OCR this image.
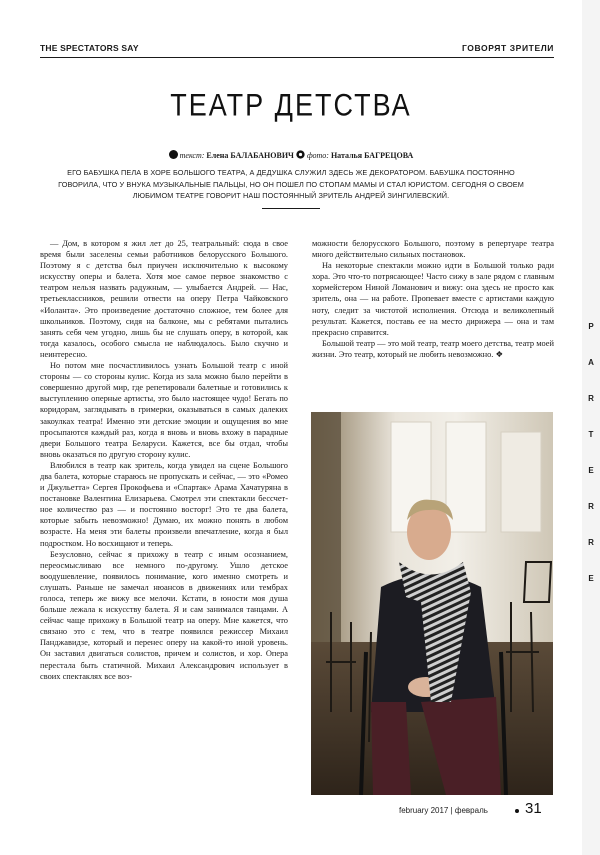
THE SPECTATORS SAY	ГОВОРЯТ ЗРИТЕЛИ
P
A
R
T
E
R
R
E
ТЕАТР ДЕТСТВА
текст: Елена БАЛАБАНОВИЧ фото: Наталья БАГРЕЦОВА
ЕГО БАБУШКА ПЕЛА В ХОРЕ БОЛЬШОГО ТЕАТРА, А ДЕДУШКА СЛУЖИЛ ЗДЕСЬ ЖЕ ДЕКОРАТОРОМ. БАБУШКА ПОСТОЯННО ГОВОРИЛА, ЧТО У ВНУКА МУЗЫКАЛЬНЫЕ ПАЛЬЦЫ, НО ОН ПОШЕЛ ПО СТОПАМ МАМЫ И СТАЛ ЮРИСТОМ. СЕГОДНЯ О СВОЕМ ЛЮБИМОМ ТЕАТРЕ ГОВОРИТ НАШ ПОСТОЯННЫЙ ЗРИТЕЛЬ АНДРЕЙ ЗИНГИЛЕВСКИЙ.

— Дом, в котором я жил лет до 25, театральный: сюда в свое время были заселены семьи работников белорусского Большого. Поэтому я с детства был приучен исключительно к высокому искусству оперы и балета. Хотя мое самое первое знакомство с театром нельзя назвать радужным, — улыбается Андрей. — Нас, третьеклассников, решили отвести на оперу Петра Чайковского «Иоланта». Это произведение достаточно сложное, тем более для школьников. Поэтому, сидя на балконе, мы с ребятами пытались занять себя чем угодно, лишь бы не слушать оперу, в которой, как тогда казалось, особого смысла не наблюдалось. Было скучно и неинтересно.

Но потом мне посчастливилось узнать Большой театр с иной стороны — со стороны кулис. Когда из зала можно было перейти в совершенно другой мир, где репетировали балетные и готовились к выступлению оперные артисты, это было настоящее чудо! Бегать по коридорам, заглядывать в гримерки, оказываться в самых далеких закоулках театра! Именно эти детские эмоции и ощущения во мне просыпаются каждый раз, когда я вновь и вновь вхожу в парадные двери Большого театра Беларуси. Кажется, все бы отдал, чтобы вновь оказаться по другую сторону кулис.

Влюбился в театр как зритель, когда увидел на сцене Большого два балета, которые стараюсь не пропускать и сейчас, — это «Ромео и Джульетта» Сергея Прокофьева и «Спартак» Арама Хачатуряна в постановке Валентина Елизарьева. Смотрел эти спектакли бессчетное количество раз — и постоянно восторг! Это те два балета, которые забыть невозможно! Думаю, их можно понять в любом возрасте. На меня эти балеты произвели впечатление, когда я был подростком. Но восхищают и теперь.

Безусловно, сейчас я прихожу в театр с иным осознанием, переосмысливаю все немного по-другому. Ушло детское воодушевление, появилось понимание, кого именно смотреть и слушать. Раньше не замечал нюансов в движениях или тембрах голоса, теперь же вижу все мелочи. Кстати, в юности моя душа больше лежала к искусству балета. Я и сам занимался танцами. А сейчас чаще прихожу в Большой театр на оперу. Мне кажется, что связано это с тем, что в театре появился режиссер Михаил Панджавидзе, который и перенес оперу на какой-то иной уровень. Он заставил двигаться солистов, причем и солистов, и хор. Опера перестала быть статичной. Михаил Александрович использует в своих спектаклях все воз-

можности белорусского Большого, поэтому в репертуаре театра много действительно сильных постановок.

На некоторые спектакли можно идти в Большой только ради хора. Это что-то потрясающее! Часто сижу в зале рядом с главным хормейстером Ниной Ломанович и вижу: она здесь не просто как зритель, она — на работе. Пропевает вместе с артистами каждую ноту, следит за чистотой исполнения. Отсюда и великолепный результат. Кажется, поставь ее на место дирижера — она и там прекрасно справится.

Большой театр — это мой театр, театр моего детства, театр моей жизни. Это театр, который не любить невозможно. ❖

february 2017 | февраль 31
